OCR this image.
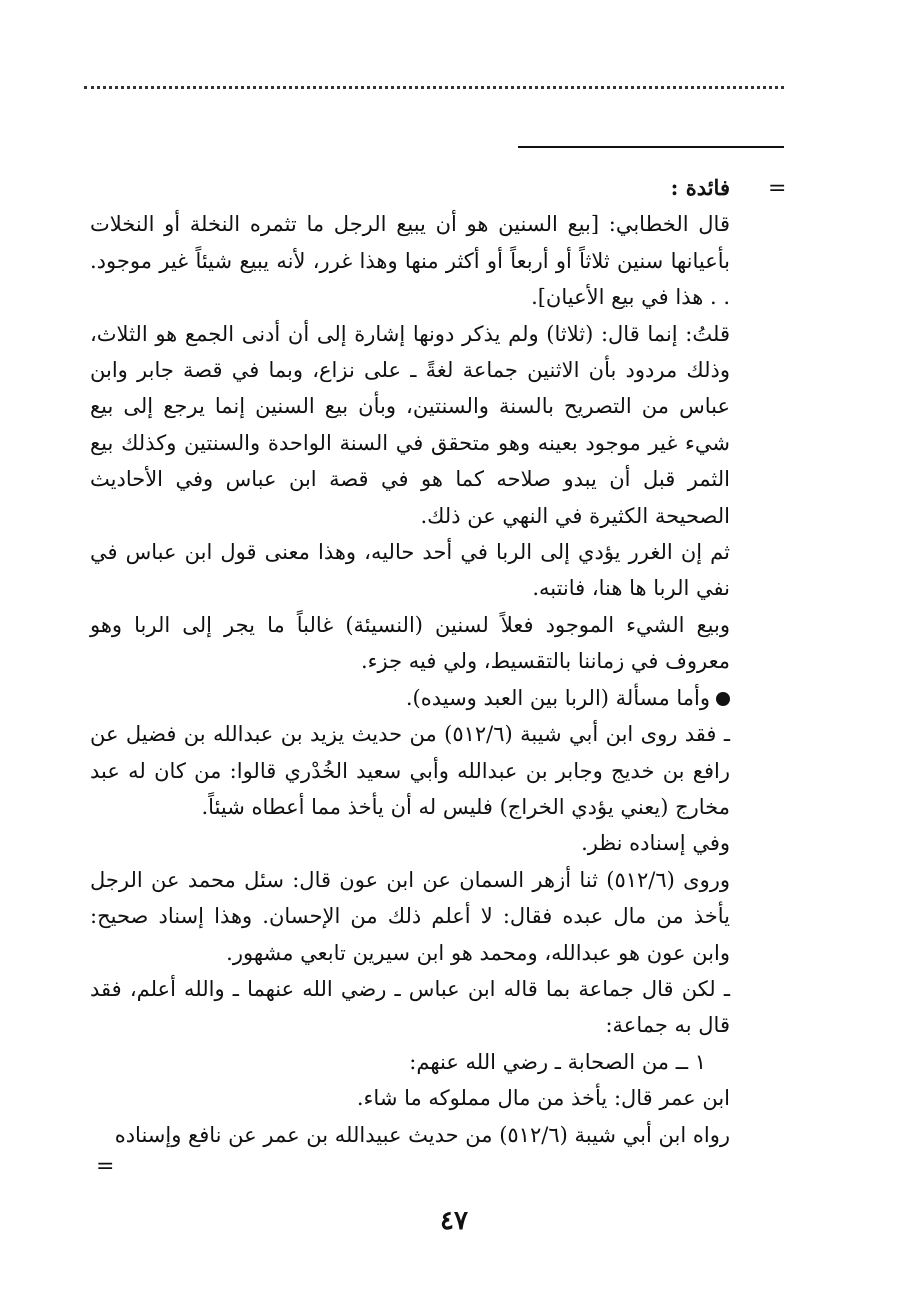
=
=

فائدة :

قال الخطابي: [بيع السنين هو أن يبيع الرجل ما تثمره النخلة أو النخلات بأعيانها سنين ثلاثاً أو أربعاً أو أكثر منها وهذا غرر، لأنه يبيع شيئاً غير موجود. . . هذا في بيع الأعيان].

قلتُ: إنما قال: (ثلاثا) ولم يذكر دونها إشارة إلى أن أدنى الجمع هو الثلاث، وذلك مردود بأن الاثنين جماعة لغةً ـ على نزاع، وبما في قصة جابر وابن عباس من التصريح بالسنة والسنتين، وبأن بيع السنين إنما يرجع إلى بيع شيء غير موجود بعينه وهو متحقق في السنة الواحدة والسنتين وكذلك بيع الثمر قبل أن يبدو صلاحه كما هو في قصة ابن عباس وفي الأحاديث الصحيحة الكثيرة في النهي عن ذلك.

ثم إن الغرر يؤدي إلى الربا في أحد حاليه، وهذا معنى قول ابن عباس في نفي الربا ها هنا، فانتبه.

وبيع الشيء الموجود فعلاً لسنين (النسيئة) غالباً ما يجر إلى الربا وهو معروف في زماننا بالتقسيط، ولي فيه جزء.

وأما مسألة (الربا بين العبد وسيده).

ـ فقد روى ابن أبي شيبة (٥١٢/٦) من حديث يزيد بن عبدالله بن فضيل عن رافع بن خديج وجابر بن عبدالله وأبي سعيد الخُدْري قالوا: من كان له عبد مخارج (يعني يؤدي الخراج) فليس له أن يأخذ مما أعطاه شيئاً.

وفي إسناده نظر.

وروى (٥١٢/٦) ثنا أزهر السمان عن ابن عون قال: سئل محمد عن الرجل يأخذ من مال عبده فقال: لا أعلم ذلك من الإحسان. وهذا إسناد صحيح: وابن عون هو عبدالله، ومحمد هو ابن سيرين تابعي مشهور.

ـ لكن قال جماعة بما قاله ابن عباس ـ رضي الله عنهما ـ والله أعلم، فقد قال به جماعة:

١ ــ من الصحابة ـ رضي الله عنهم:

ابن عمر قال: يأخذ من مال مملوكه ما شاء.

رواه ابن أبي شيبة (٥١٢/٦) من حديث عبيدالله بن عمر عن نافع وإسناده

٤٧
